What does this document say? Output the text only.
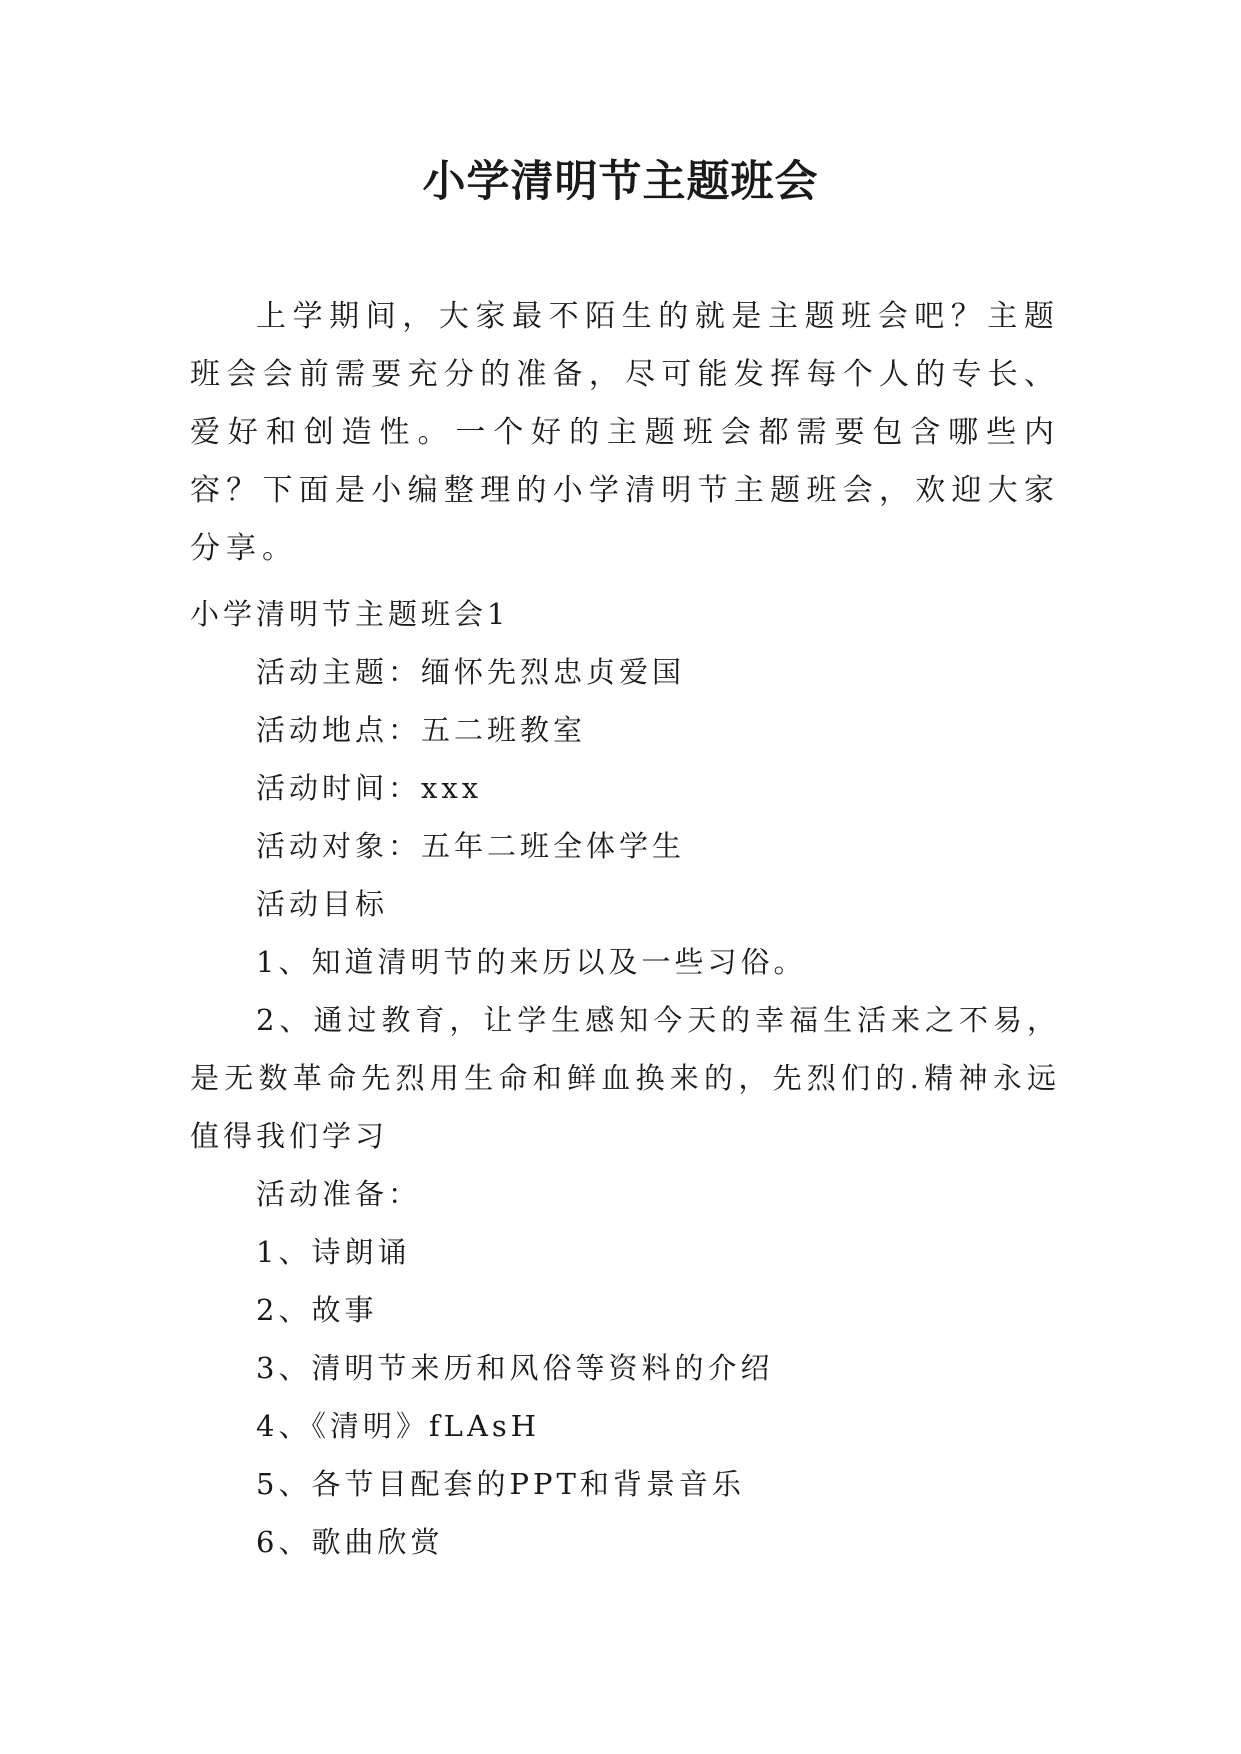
小学清明节主题班会

上学期间，大家最不陌生的就是主题班会吧？主题班会会前需要充分的准备，尽可能发挥每个人的专长、爱好和创造性。一个好的主题班会都需要包含哪些内容？下面是小编整理的小学清明节主题班会，欢迎大家分享。

小学清明节主题班会1
活动主题：缅怀先烈忠贞爱国
活动地点：五二班教室
活动时间：xxx
活动对象：五年二班全体学生
活动目标
1、知道清明节的来历以及一些习俗。
2、通过教育，让学生感知今天的幸福生活来之不易，是无数革命先烈用生命和鲜血换来的，先烈们的.精神永远值得我们学习
活动准备：
1、诗朗诵
2、故事
3、清明节来历和风俗等资料的介绍
4、《清明》fLAsH
5、各节目配套的PPT和背景音乐
6、歌曲欣赏
